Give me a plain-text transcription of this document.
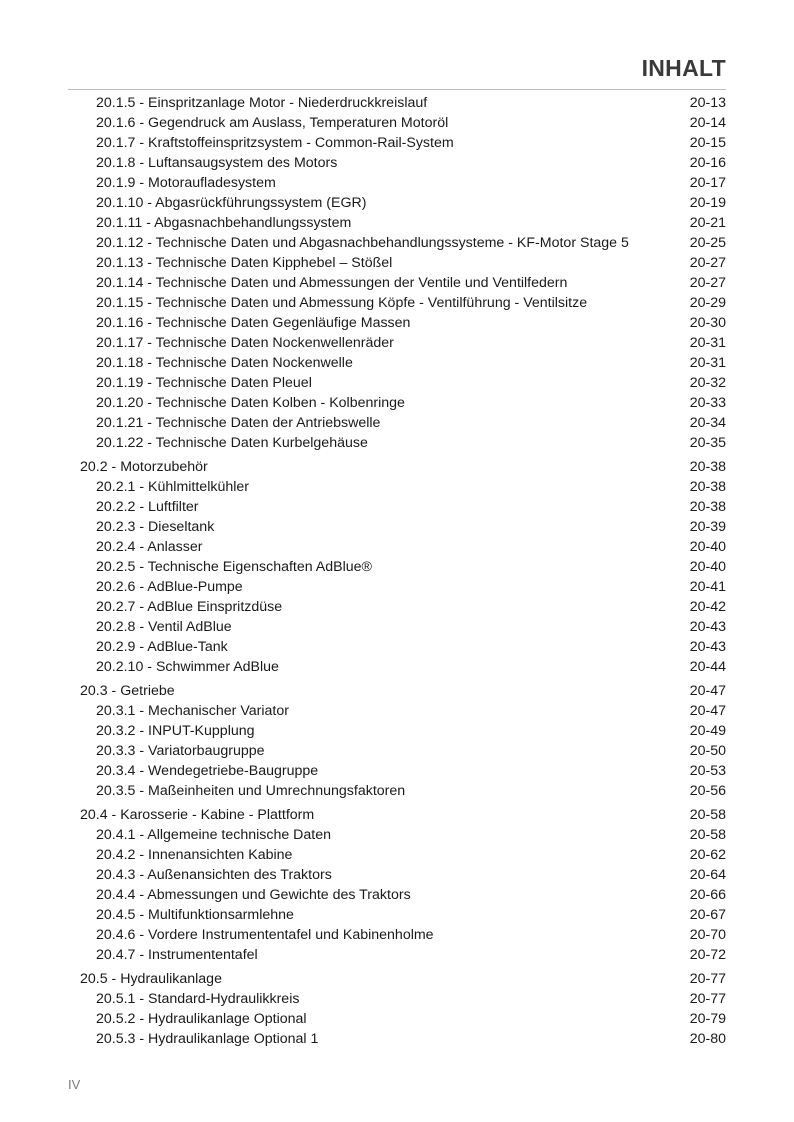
INHALT
20.1.5 - Einspritzanlage Motor - Niederdruckkreislauf	20-13
20.1.6 - Gegendruck am Auslass, Temperaturen Motoröl	20-14
20.1.7 - Kraftstoffeinspritzsystem - Common-Rail-System	20-15
20.1.8 - Luftansaugsystem des Motors	20-16
20.1.9 - Motoraufladesystem	20-17
20.1.10 - Abgasrückführungssystem (EGR)	20-19
20.1.11 - Abgasnachbehandlungssystem	20-21
20.1.12 - Technische Daten und Abgasnachbehandlungssysteme - KF-Motor Stage 5	20-25
20.1.13 - Technische Daten Kipphebel – Stößel	20-27
20.1.14 - Technische Daten und Abmessungen der Ventile und Ventilfedern	20-27
20.1.15 - Technische Daten und Abmessung Köpfe - Ventilführung - Ventilsitze	20-29
20.1.16 - Technische Daten Gegenläufige Massen	20-30
20.1.17 - Technische Daten Nockenwellenräder	20-31
20.1.18 - Technische Daten Nockenwelle	20-31
20.1.19 - Technische Daten Pleuel	20-32
20.1.20 - Technische Daten Kolben - Kolbenringe	20-33
20.1.21 - Technische Daten der Antriebswelle	20-34
20.1.22 - Technische Daten Kurbelgehäuse	20-35
20.2 - Motorzubehör	20-38
20.2.1 - Kühlmittelkühler	20-38
20.2.2 - Luftfilter	20-38
20.2.3 - Dieseltank	20-39
20.2.4 - Anlasser	20-40
20.2.5 - Technische Eigenschaften AdBlue®	20-40
20.2.6 - AdBlue-Pumpe	20-41
20.2.7 - AdBlue Einspritzdüse	20-42
20.2.8 - Ventil AdBlue	20-43
20.2.9 - AdBlue-Tank	20-43
20.2.10 - Schwimmer AdBlue	20-44
20.3 - Getriebe	20-47
20.3.1 - Mechanischer Variator	20-47
20.3.2 - INPUT-Kupplung	20-49
20.3.3 - Variatorbaugruppe	20-50
20.3.4 - Wendegetriebe-Baugruppe	20-53
20.3.5 - Maßeinheiten und Umrechnungsfaktoren	20-56
20.4 - Karosserie - Kabine - Plattform	20-58
20.4.1 - Allgemeine technische Daten	20-58
20.4.2 - Innenansichten Kabine	20-62
20.4.3 - Außenansichten des Traktors	20-64
20.4.4 - Abmessungen und Gewichte des Traktors	20-66
20.4.5 - Multifunktionsarmlehne	20-67
20.4.6 - Vordere Instrumententafel und Kabinenholme	20-70
20.4.7 - Instrumententafel	20-72
20.5 - Hydraulikanlage	20-77
20.5.1 - Standard-Hydraulikkreis	20-77
20.5.2 - Hydraulikanlage Optional	20-79
20.5.3 - Hydraulikanlage Optional 1	20-80
IV
